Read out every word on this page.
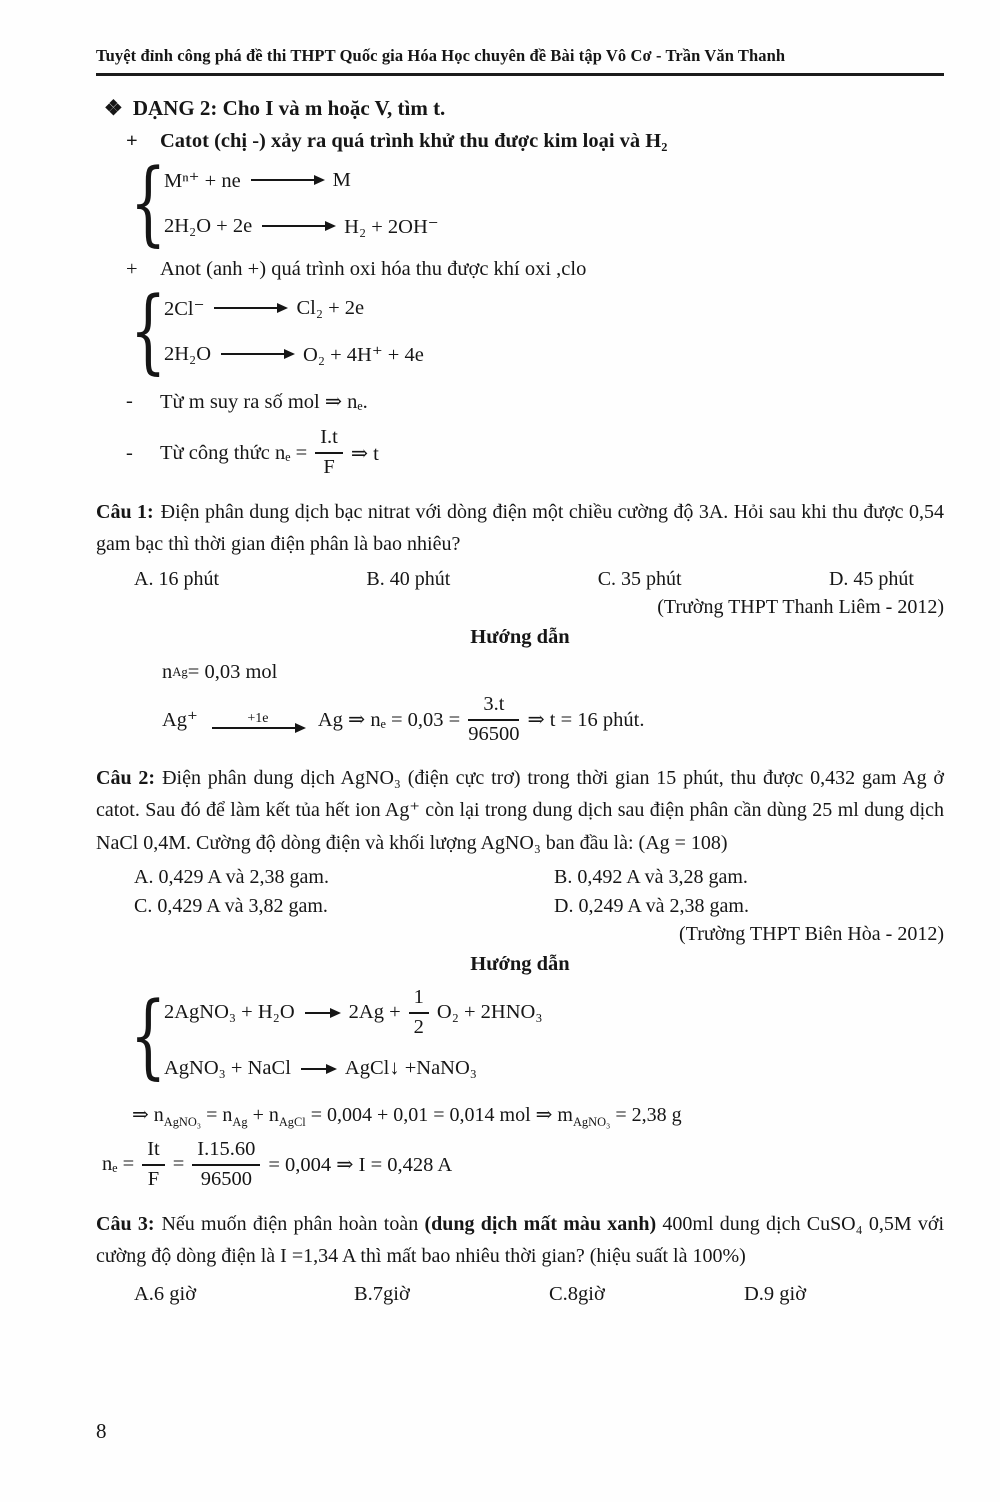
Tuyệt đỉnh công phá đề thi THPT Quốc gia Hóa Học chuyên đề Bài tập Vô Cơ - Trần Văn Thanh
❖ DẠNG 2: Cho I và m hoặc V, tìm t.
+	Catot (chị -) xảy ra quá trình khử thu được kim loại và H₂
{
Mⁿ⁺ + ne	M
2H₂O + 2e	H₂ + 2OH⁻
+	Anot (anh +) quá trình oxi hóa thu được khí oxi ,clo
{
2Cl⁻	Cl₂ + 2e
2H₂O	O₂ + 4H⁺ + 4e
-	Từ m suy ra số mol ⇒ nₑ.
-	Từ công thức $n_e = \frac{I.t}{F}$ ⇒ t

Câu 1: Điện phân dung dịch bạc nitrat với dòng điện một chiều cường độ 3A. Hỏi sau khi thu được 0,54 gam bạc thì thời gian điện phân là bao nhiêu?

A. 16 phút	B. 40 phút	C. 35 phút	D. 45 phút
(Trường THPT Thanh Liêm - 2012)
Hướng dẫn
n Ag = 0,03 mol
Ag⁺	+1e Ag ⇒ $n_e = 0,03 = \frac{3.t}{96500}$ ⇒ t = 16 phút.

Câu 2: Điện phân dung dịch AgNO₃ (điện cực trơ) trong thời gian 15 phút, thu được 0,432 gam Ag ở catot. Sau đó để làm kết tủa hết ion Ag⁺ còn lại trong dung dịch sau điện phân cần dùng 25 ml dung dịch NaCl 0,4M. Cường độ dòng điện và khối lượng AgNO₃ ban đầu là: (Ag = 108)

A. 0,429 A và 2,38 gam.	B. 0,492 A và 3,28 gam.
C. 0,429 A và 3,82 gam.	D. 0,249 A và 2,38 gam.
(Trường THPT Biên Hòa - 2012)
Hướng dẫn
{
2AgNO₃ + H₂O	$2Ag + \frac{1}{2} O_2 + 2HNO_3$
AgNO₃ + NaCl	AgCl↓ +NaNO₃
⇒ $n_{AgNO_3} = n_{Ag} + n_{AgCl} = 0,004 + 0,01 = 0,014$ mol ⇒ $m_{AgNO_3} = 2,38$ g
$n_e = \frac{It}{F} = \frac{I.15.60}{96500} = 0,004$ ⇒ I = 0,428 A

Câu 3: Nếu muốn điện phân hoàn toàn (dung dịch mất màu xanh) 400ml dung dịch CuSO₄ 0,5M với cường độ dòng điện là I =1,34 A thì mất bao nhiêu thời gian? (hiệu suất là 100%)

A.6 giờ	B.7giờ	C.8giờ	D.9 giờ
8
